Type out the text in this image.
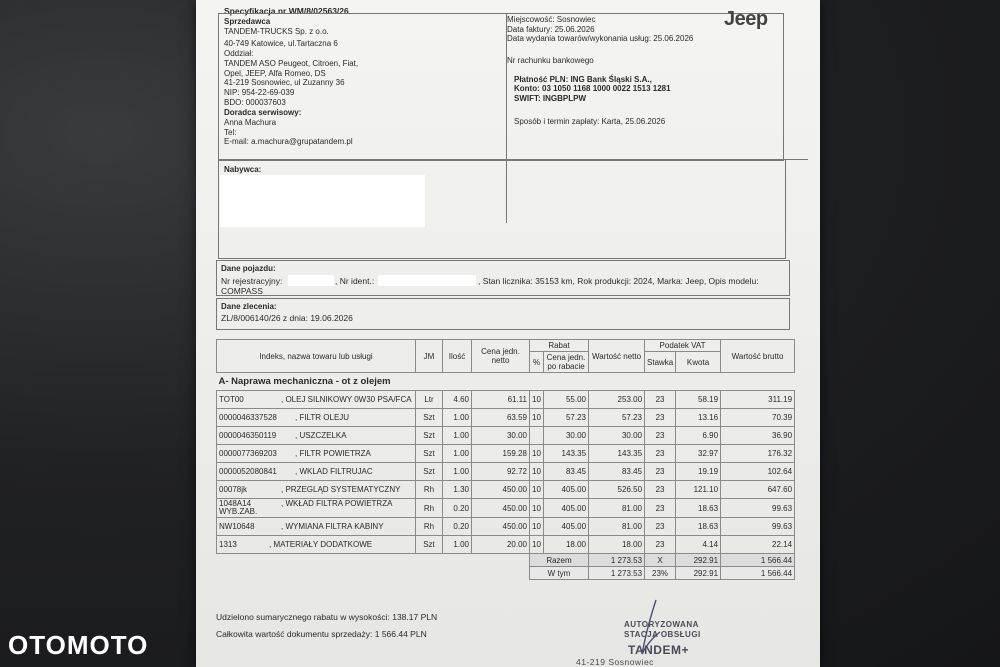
Specyfikacja nr WM/8/02563/26
Sprzedawca
TANDEM-TRUCKS Sp. z o.o.
40-749 Katowice, ul.Tartaczna 6
Oddział:
TANDEM ASO Peugeot, Citroen, Fiat,
Opel, JEEP, Alfa Romeo, DS
41-219 Sosnowiec, ul Zuzanny 36
NIP: 954-22-69-039
BDO: 000037603
Doradca serwisowy:
Anna Machura
Tel:
E-mail: a.machura@grupatandem.pl
Miejscowość: Sosnowiec
Data faktury: 25.06.2026
Data wydania towarów/wykonania usług: 25.06.2026
Jeep
Nr rachunku bankowego
Płatność PLN: ING Bank Śląski S.A.,
Konto: 03 1050 1168 1000 0022 1513 1281
SWIFT: INGBPLPW
Sposób i termin zapłaty: Karta, 25.06.2026
Nabywca:
Dane pojazdu:
Nr rejestracyjny:	, Nr ident.:	, Stan licznika: 35153 km, Rok produkcji: 2024, Marka: Jeep, Opis modelu:
COMPASS
Dane zlecenia:
ZL/8/006140/26 z dnia: 19.06.2026
Indeks, nazwa towaru lub usługi	JM	Ilość	Cena jedn. netto	Rabat		Wartość netto	Podatek VAT		Wartość brutto
				%	Cena jedn. po rabacie		Stawka	Kwota	
A- Naprawa mechaniczna - ot z olejem									
TOT00 , OLEJ SILNIKOWY 0W30 PSA/FCA	Ltr	4.60	61.11	10	55.00	253.00	23	58.19	311.19
0000046337528 , FILTR OLEJU	Szt	1.00	63.59	10	57.23	57.23	23	13.16	70.39
0000046350119 , USZCZELKA	Szt	1.00	30.00		30.00	30.00	23	6.90	36.90
0000077369203 , FILTR POWIETRZA	Szt	1.00	159.28	10	143.35	143.35	23	32.97	176.32
0000052080841 , WKLAD FILTRUJAC	Szt	1.00	92.72	10	83.45	83.45	23	19.19	102.64
00078jk , PRZEGLĄD SYSTEMATYCZNY	Rh	1.30	450.00	10	405.00	526.50	23	121.10	647.60
1048A14
WYB.ZAB., WKŁAD FILTRA POWIETRZA	Rh	0.20	450.00	10	405.00	81.00	23	18.63	99.63
NW10648 , WYMIANA FILTRA KABINY	Rh	0.20	450.00	10	405.00	81.00	23	18.63	99.63
1313 , MATERIAŁY DODATKOWE	Szt	1.00	20.00	10	18.00	18.00	23	4.14	22.14
				Razem		1 273.53	X	292.91	1 566.44
				W tym		1 273.53	23%	292.91	1 566.44
Udzielono sumarycznego rabatu w wysokości: 138.17 PLN
Całkowita wartość dokumentu sprzedaży: 1 566.44 PLN
AUTORYZOWANA
STACJA OBSŁUGI
TANDEM+
41-219 Sosnowiec
OTOMOTO
